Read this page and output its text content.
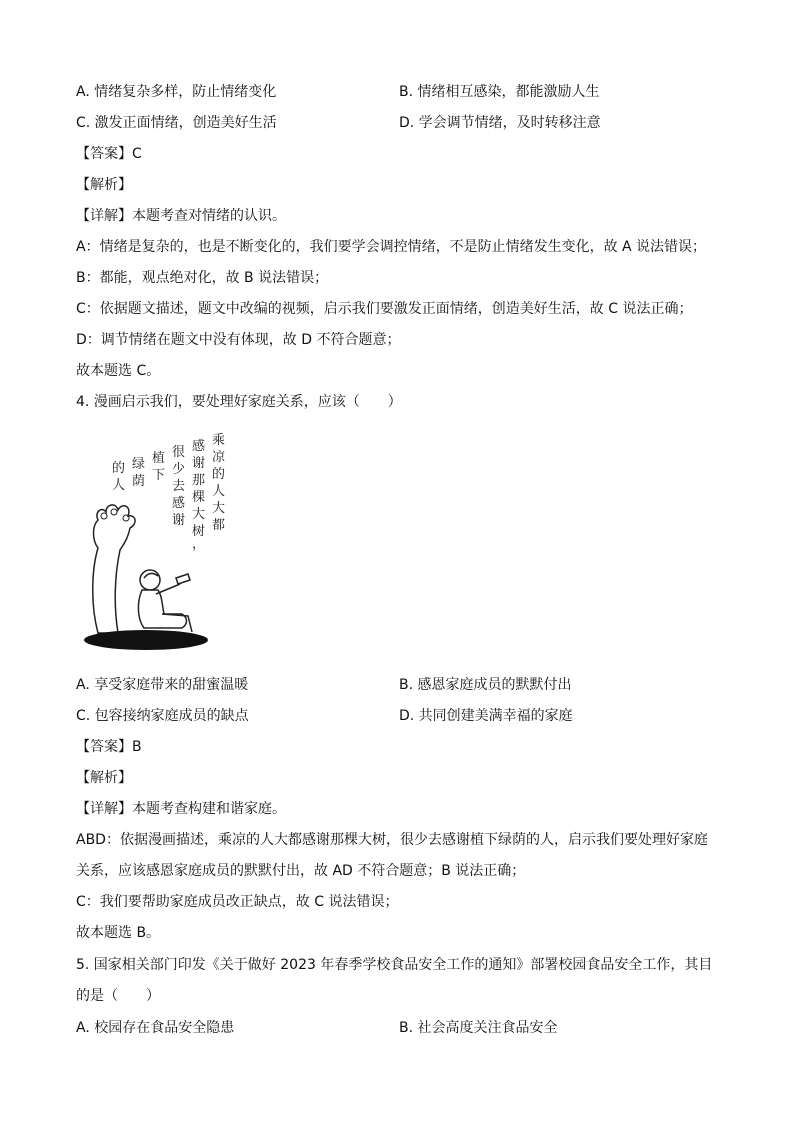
A. 情绪复杂多样，防止情绪变化	B. 情绪相互感染，都能激励人生
C. 激发正面情绪，创造美好生活	D. 学会调节情绪，及时转移注意
【答案】C
【解析】
【详解】本题考查对情绪的认识。
A：情绪是复杂的，也是不断变化的，我们要学会调控情绪，不是防止情绪发生变化，故 A 说法错误；
B：都能，观点绝对化，故 B 说法错误；
C：依据题文描述，题文中改编的视频，启示我们要激发正面情绪，创造美好生活，故 C 说法正确；
D：调节情绪在题文中没有体现，故 D 不符合题意；
故本题选 C。
4. 漫画启示我们，要处理好家庭关系，应该（　　）
乘
凉
的
人
大
都
感
谢
那
棵
大
树
，
很
少
去
感
谢
植
下
绿
荫
的
人
A. 享受家庭带来的甜蜜温暖	B. 感恩家庭成员的默默付出
C. 包容接纳家庭成员的缺点	D. 共同创建美满幸福的家庭
【答案】B
【解析】
【详解】本题考查构建和谐家庭。
ABD：依据漫画描述，乘凉的人大都感谢那棵大树，很少去感谢植下绿荫的人，启示我们要处理好家庭
关系，应该感恩家庭成员的默默付出，故 AD 不符合题意；B 说法正确；
C：我们要帮助家庭成员改正缺点，故 C 说法错误；
故本题选 B。
5. 国家相关部门印发《关于做好 2023 年春季学校食品安全工作的通知》部署校园食品安全工作，其目
的是（　　）
A. 校园存在食品安全隐患	B. 社会高度关注食品安全
